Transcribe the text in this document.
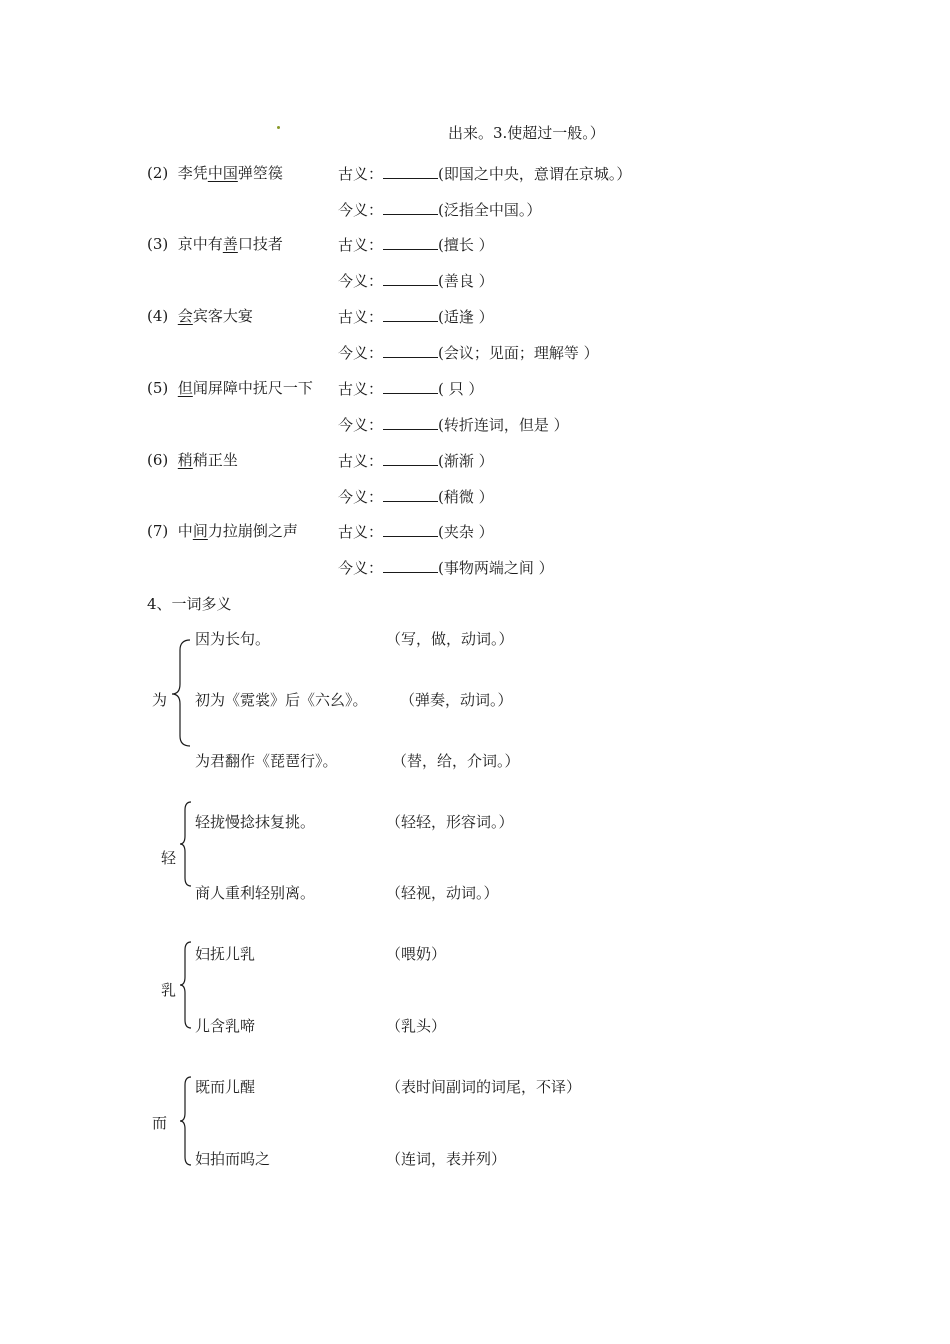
出来。3.使超过一般。）
(2) 李凭中国弹箜篌	古义：	(即国之中央，意谓在京城。）
今义：	(泛指全中国。）
(3) 京中有善口技者	古义：	(擅长 ）
今义：	(善良 ）
(4) 会宾客大宴	古义：	(适逢 ）
今义：	(会议；见面；理解等 ）
(5) 但闻屏障中抚尺一下 古义：	( 只 ）
今义：	(转折连词，但是 ）
(6) 稍稍正坐	古义：	(渐渐 ）
今义：	(稍微 ）
(7) 中间力拉崩倒之声	古义：	(夹杂 ）
今义：	(事物两端之间 ）
4、一词多义
为
因为长句。	（写，做，动词。）
初为《霓裳》后《六幺》。 （弹奏，动词。）
为君翻作《琵琶行》。	（替，给，介词。）
轻
轻拢慢捻抹复挑。	（轻轻，形容词。）
商人重利轻别离。	（轻视，动词。）
乳
妇抚儿乳	（喂奶）
儿含乳啼	（乳头）
而
既而儿醒	（表时间副词的词尾，不译）
妇拍而呜之	（连词，表并列）
